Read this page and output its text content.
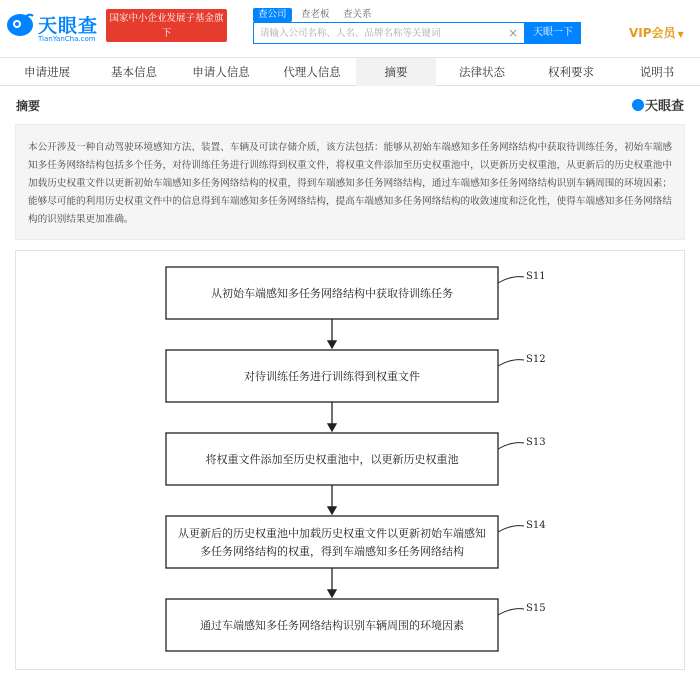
天眼查
TianYanCha.com
国家中小企业发展子基金旗下
官方备案企业征信机构
查公司	查老板 查关系
请输入公司名称、人名、品牌名称等关键词
×	天眼一下	VIP会员 ▼
申请进展	基本信息	申请人信息	代理人信息	摘要	法律状态	权利要求	说明书
摘要	天眼查
本公开涉及一种自动驾驶环境感知方法、装置、车辆及可读存储介质，该方法包括：能够从初始车端感知多任务网络结构中获取待训练任务，初始车端感知多任务网络结构包括多个任务，对待训练任务进行训练得到权重文件，将权重文件添加至历史权重池中，以更新历史权重池，从更新后的历史权重池中加载历史权重文件以更新初始车端感知多任务网络结构的权重，得到车端感知多任务网络结构，通过车端感知多任务网络结构识别车辆周围的环境因素；能够尽可能的利用历史权重文件中的信息得到车端感知多任务网络结构，提高车端感知多任务网络结构的收敛速度和泛化性，使得车端感知多任务网络结构的识别结果更加准确。
从初始车端感知多任务网络结构中获取待训练任务
S11
对待训练任务进行训练得到权重文件
S12
将权重文件添加至历史权重池中，以更新历史权重池
S13
从更新后的历史权重池中加载历史权重文件以更新初始车端感知
多任务网络结构的权重，得到车端感知多任务网络结构
S14
通过车端感知多任务网络结构识别车辆周围的环境因素
S15
